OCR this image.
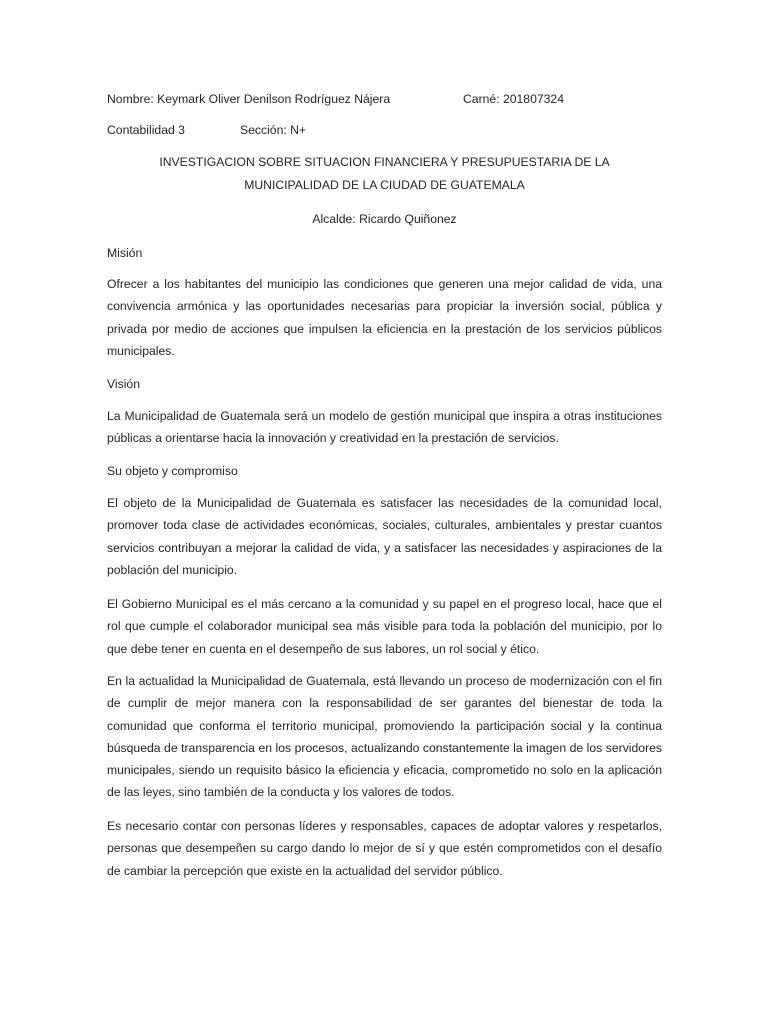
Nombre: Keymark Oliver Denilson Rodríguez Nájera	Carné: 201807324
Contabilidad 3	Sección: N+
INVESTIGACION SOBRE SITUACION FINANCIERA Y PRESUPUESTARIA DE LA
MUNICIPALIDAD DE LA CIUDAD DE GUATEMALA
Alcalde: Ricardo Quiñonez
Misión

Ofrecer a los habitantes del municipio las condiciones que generen una mejor calidad de vida, una convivencia armónica y las oportunidades necesarias para propiciar la inversión social, pública y privada por medio de acciones que impulsen la eficiencia en la prestación de los servicios públicos municipales.

Visión

La Municipalidad de Guatemala será un modelo de gestión municipal que inspira a otras instituciones públicas a orientarse hacia la innovación y creatividad en la prestación de servicios.

Su objeto y compromiso

El objeto de la Municipalidad de Guatemala es satisfacer las necesidades de la comunidad local, promover toda clase de actividades económicas, sociales, culturales, ambientales y prestar cuantos servicios contribuyan a mejorar la calidad de vida, y a satisfacer las necesidades y aspiraciones de la población del municipio.

El Gobierno Municipal es el más cercano a la comunidad y su papel en el progreso local, hace que el rol que cumple el colaborador municipal sea más visible para toda la población del municipio, por lo que debe tener en cuenta en el desempeño de sus labores, un rol social y ético.

En la actualidad la Municipalidad de Guatemala, está llevando un proceso de modernización con el fin de cumplir de mejor manera con la responsabilidad de ser garantes del bienestar de toda la comunidad que conforma el territorio municipal, promoviendo la participación social y la continua búsqueda de transparencia en los procesos, actualizando constantemente la imagen de los servidores municipales, siendo un requisito básico la eficiencia y eficacia, comprometido no solo en la aplicación de las leyes, sino también de la conducta y los valores de todos.

Es necesario contar con personas líderes y responsables, capaces de adoptar valores y respetarlos, personas que desempeñen su cargo dando lo mejor de sí y que estén comprometidos con el desafío de cambiar la percepción que existe en la actualidad del servidor público.
